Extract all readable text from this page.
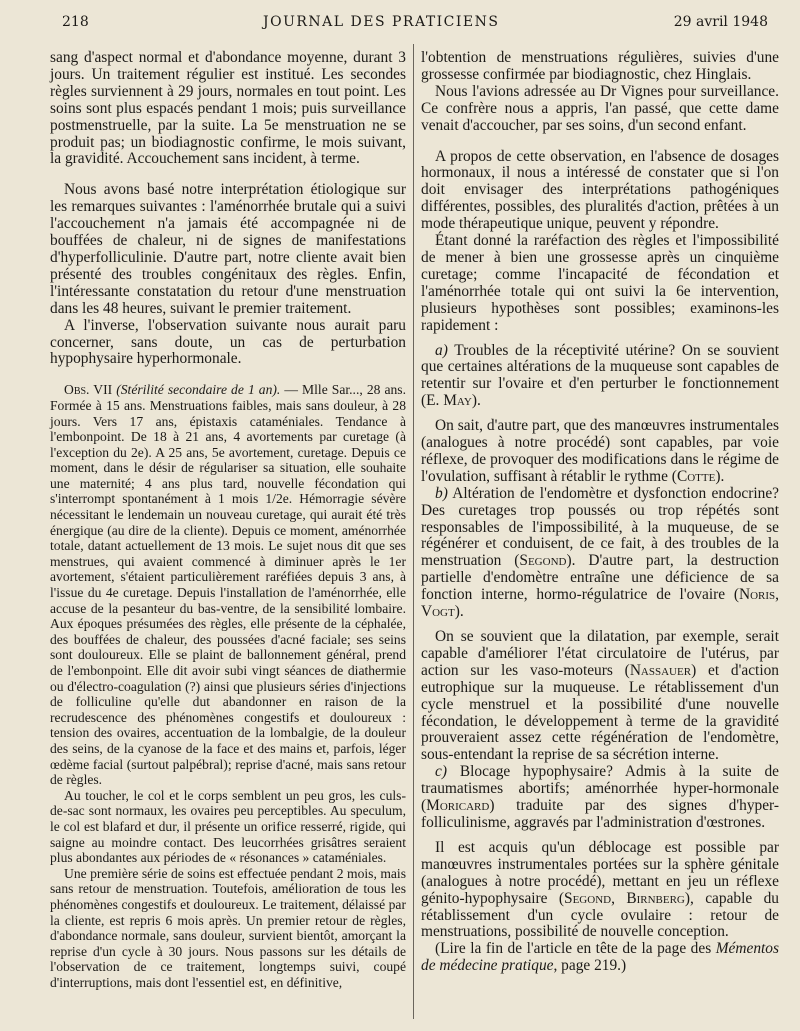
218	JOURNAL DES PRATICIENS	29 avril 1948

sang d'aspect normal et d'abondance moyenne, durant 3 jours. Un traitement régulier est institué. Les secondes règles surviennent à 29 jours, normales en tout point. Les soins sont plus espacés pendant 1 mois; puis surveillance postmenstruelle, par la suite. La 5e menstruation ne se produit pas; un biodiagnostic confirme, le mois suivant, la gravidité. Accouchement sans incident, à terme.

Nous avons basé notre interprétation étiologique sur les remarques suivantes : l'aménorrhée brutale qui a suivi l'accouchement n'a jamais été accompagnée ni de bouffées de chaleur, ni de signes de manifestations d'hyperfolliculinie. D'autre part, notre cliente avait bien présenté des troubles congénitaux des règles. Enfin, l'intéressante constatation du retour d'une menstruation dans les 48 heures, suivant le premier traitement.

A l'inverse, l'observation suivante nous aurait paru concerner, sans doute, un cas de perturbation hypophysaire hyperhormonale.

Obs. VII (Stérilité secondaire de 1 an). — Mlle Sar..., 28 ans. Formée à 15 ans. Menstruations faibles, mais sans douleur, à 28 jours. Vers 17 ans, épistaxis cataméniales. Tendance à l'embonpoint. De 18 à 21 ans, 4 avortements par curetage (à l'exception du 2e). A 25 ans, 5e avortement, curetage. Depuis ce moment, dans le désir de régulariser sa situation, elle souhaite une maternité; 4 ans plus tard, nouvelle fécondation qui s'interrompt spontanément à 1 mois 1/2e. Hémorragie sévère nécessitant le lendemain un nouveau curetage, qui aurait été très énergique (au dire de la cliente). Depuis ce moment, aménorrhée totale, datant actuellement de 13 mois. Le sujet nous dit que ses menstrues, qui avaient commencé à diminuer après le 1er avortement, s'étaient particulièrement raréfiées depuis 3 ans, à l'issue du 4e curetage. Depuis l'installation de l'aménorrhée, elle accuse de la pesanteur du bas-ventre, de la sensibilité lombaire. Aux époques présumées des règles, elle présente de la céphalée, des bouffées de chaleur, des poussées d'acné faciale; ses seins sont douloureux. Elle se plaint de ballonnement général, prend de l'embonpoint. Elle dit avoir subi vingt séances de diathermie ou d'électro-coagulation (?) ainsi que plusieurs séries d'injections de folliculine qu'elle dut abandonner en raison de la recrudescence des phénomènes congestifs et douloureux : tension des ovaires, accentuation de la lombalgie, de la douleur des seins, de la cyanose de la face et des mains et, parfois, léger œdème facial (surtout palpébral); reprise d'acné, mais sans retour de règles.

Au toucher, le col et le corps semblent un peu gros, les culs-de-sac sont normaux, les ovaires peu perceptibles. Au speculum, le col est blafard et dur, il présente un orifice resserré, rigide, qui saigne au moindre contact. Des leucorrhées grisâtres seraient plus abondantes aux périodes de « résonances » cataméniales.

Une première série de soins est effectuée pendant 2 mois, mais sans retour de menstruation. Toutefois, amélioration de tous les phénomènes congestifs et douloureux. Le traitement, délaissé par la cliente, est repris 6 mois après. Un premier retour de règles, d'abondance normale, sans douleur, survient bientôt, amorçant la reprise d'un cycle à 30 jours. Nous passons sur les détails de l'observation de ce traitement, longtemps suivi, coupé d'interruptions, mais dont l'essentiel est, en définitive,

l'obtention de menstruations régulières, suivies d'une grossesse confirmée par biodiagnostic, chez Hinglais.

Nous l'avions adressée au Dr Vignes pour surveillance. Ce confrère nous a appris, l'an passé, que cette dame venait d'accoucher, par ses soins, d'un second enfant.

A propos de cette observation, en l'absence de dosages hormonaux, il nous a intéressé de constater que si l'on doit envisager des interprétations pathogéniques différentes, possibles, des pluralités d'action, prêtées à un mode thérapeutique unique, peuvent y répondre.

Étant donné la raréfaction des règles et l'impossibilité de mener à bien une grossesse après un cinquième curetage; comme l'incapacité de fécondation et l'aménorrhée totale qui ont suivi la 6e intervention, plusieurs hypothèses sont possibles; examinons-les rapidement :

a) Troubles de la réceptivité utérine? On se souvient que certaines altérations de la muqueuse sont capables de retentir sur l'ovaire et d'en perturber le fonctionnement (E. May).

On sait, d'autre part, que des manœuvres instrumentales (analogues à notre procédé) sont capables, par voie réflexe, de provoquer des modifications dans le régime de l'ovulation, suffisant à rétablir le rythme (Cotte).

b) Altération de l'endomètre et dysfonction endocrine? Des curetages trop poussés ou trop répétés sont responsables de l'impossibilité, à la muqueuse, de se régénérer et conduisent, de ce fait, à des troubles de la menstruation (Segond). D'autre part, la destruction partielle d'endomètre entraîne une déficience de sa fonction interne, hormo-régulatrice de l'ovaire (Noris, Vogt).

On se souvient que la dilatation, par exemple, serait capable d'améliorer l'état circulatoire de l'utérus, par action sur les vaso-moteurs (Nassauer) et d'action eutrophique sur la muqueuse. Le rétablissement d'un cycle menstruel et la possibilité d'une nouvelle fécondation, le développement à terme de la gravidité prouveraient assez cette régénération de l'endomètre, sous-entendant la reprise de sa sécrétion interne.

c) Blocage hypophysaire? Admis à la suite de traumatismes abortifs; aménorrhée hyper-hormonale (Moricard) traduite par des signes d'hyper-folliculinisme, aggravés par l'administration d'œstrones.

Il est acquis qu'un déblocage est possible par manœuvres instrumentales portées sur la sphère génitale (analogues à notre procédé), mettant en jeu un réflexe génito-hypophysaire (Segond, Birnberg), capable du rétablissement d'un cycle ovulaire : retour de menstruations, possibilité de nouvelle conception.

(Lire la fin de l'article en tête de la page des Mémentos de médecine pratique, page 219.)
